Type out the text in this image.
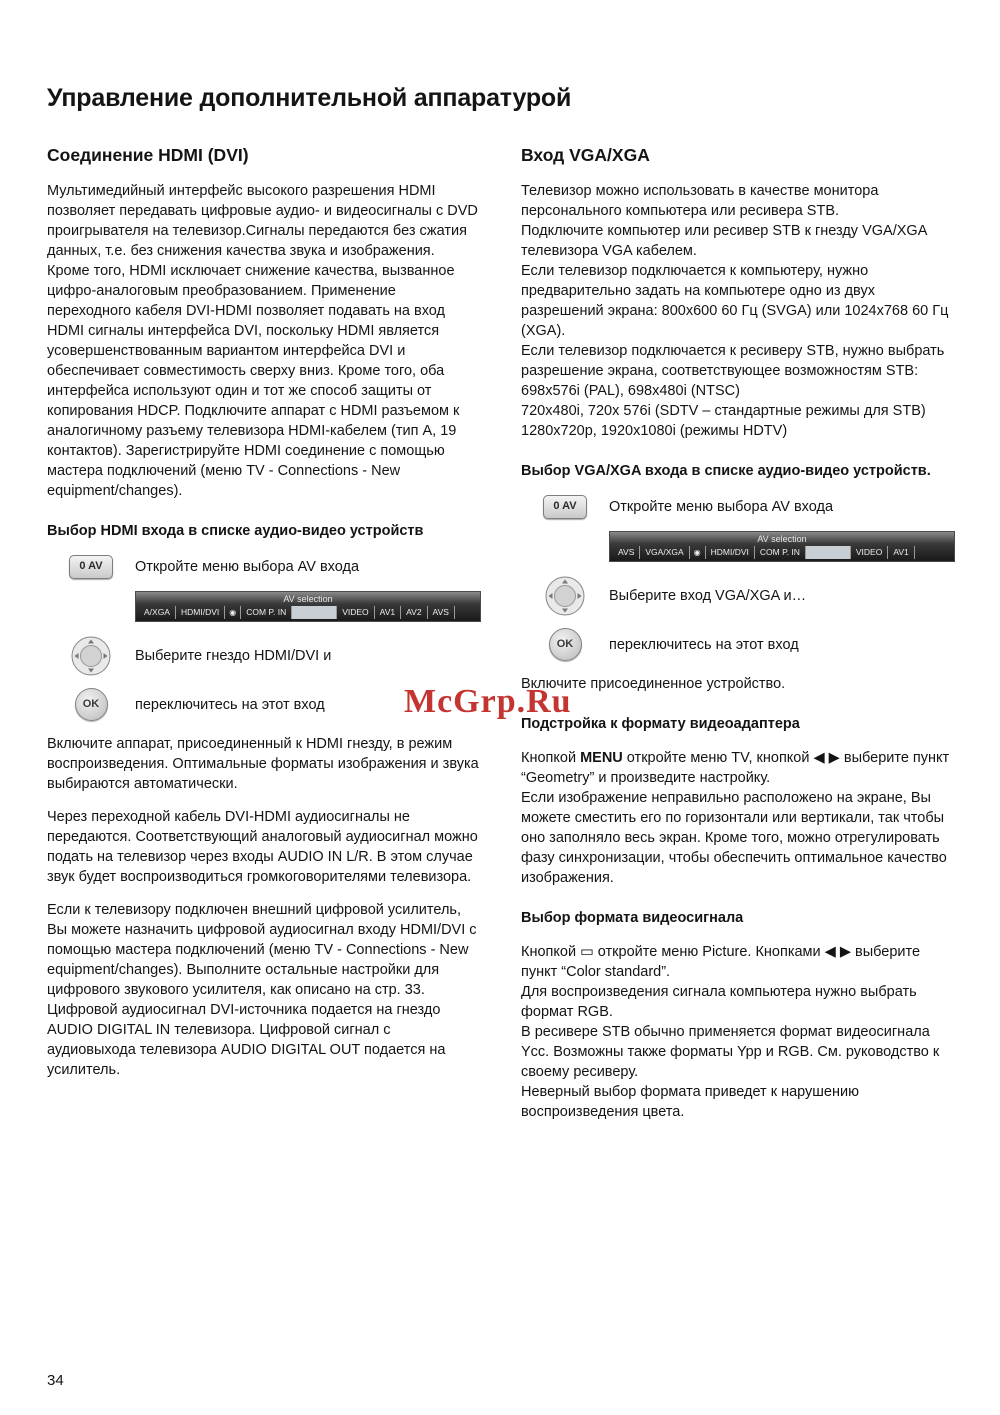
Управление дополнительной аппаратурой
Соединение HDMI (DVI)

Мультимедийный интерфейс высокого разрешения HDMI позволяет передавать цифровые аудио- и видеосигналы с DVD проигрывателя на телевизор.Сигналы передаются без сжатия данных, т.е. без снижения качества звука и изображения. Кроме того, HDMI исключает снижение качества, вызванное цифро-аналоговым преобразованием. Применение переходного кабеля DVI-HDMI позволяет подавать на вход HDMI сигналы интерфейса DVI, поскольку HDMI является усовершенствованным вариантом интерфейса DVI и обеспечивает совместимость сверху вниз. Кроме того, оба интерфейса используют один и тот же способ защиты от копирования HDCP. Подключите аппарат с HDMI разъемом к аналогичному разъему телевизора HDMI-кабелем (тип A, 19 контактов). Зарегистрируйте HDMI соединение с помощью мастера подключений (меню TV - Connections - New equipment/changes).

Выбор HDMI входа в списке аудио-видео устройств
0 AV	Откройте меню выбора AV входа
AV selection
A/XGA	HDMI/DVI	◉	COM P. IN	VIDEO	AV1	AV2	AVS
Выберите гнездо HDMI/DVI и
OK	переключитесь на этот вход

Включите аппарат, присоединенный к HDMI гнезду, в режим воспроизведения. Оптимальные форматы изображения и звука выбираются автоматически.

Через переходной кабель DVI-HDMI аудиосигналы не передаются. Соответствующий аналоговый аудиосигнал можно подать на телевизор через входы AUDIO IN L/R. В этом случае звук будет воспроизводиться громкоговорителями телевизора.

Если к телевизору подключен внешний цифровой усилитель, Вы можете назначить цифровой аудиосигнал входу HDMI/DVI с помощью мастера подключений (меню TV - Connections - New equipment/changes). Выполните остальные настройки для цифрового звукового усилителя, как описано на стр. 33. Цифровой аудиосигнал DVI-источника подается на гнездо AUDIO DIGITAL IN телевизора. Цифровой сигнал с аудиовыхода телевизора AUDIO DIGITAL OUT подается на усилитель.

Вход VGA/XGA
Телевизор можно использовать в качестве монитора персонального компьютера или ресивера STB.
Подключите компьютер или ресивер STB к гнезду VGA/XGA телевизора VGA кабелем.
Если телевизор подключается к компьютеру, нужно предварительно задать на компьютере одно из двух разрешений экрана: 800x600 60 Гц (SVGA) или 1024x768 60 Гц (XGA).
Если телевизор подключается к ресиверу STB, нужно выбрать разрешение экрана, соответствующее возможностям STB:
698x576i (PAL), 698x480i (NTSC)
720x480i, 720x 576i (SDTV – стандартные режимы для STB)
1280x720p, 1920x1080i (режимы HDTV)
Выбор VGA/XGA входа в списке аудио-видео устройств.
0 AV	Откройте меню выбора AV входа
AV selection
AVS	VGA/XGA	◉	HDMI/DVI	COM P. IN	VIDEO	AV1
Выберите вход VGA/XGA и…
OK	переключитесь на этот вход

Включите присоединенное устройство.

Подстройка к формату видеоадаптера

Кнопкой MENU откройте меню TV, кнопкой ◀ ▶ выберите пункт “Geometry” и произведите настройку.

Если изображение неправильно расположено на экране, Вы можете сместить его по горизонтали или вертикали, так чтобы оно заполняло весь экран. Кроме того, можно отрегулировать фазу синхронизации, чтобы обеспечить оптимальное качество изображения.
Выбор формата видеосигнала
Кнопкой ▭ откройте меню Picture. Кнопками ◀ ▶ выберите пункт “Color standard”.
Для воспроизведения сигнала компьютера нужно выбрать формат RGB.
В ресивере STB обычно применяется формат видеосигнала Ycc. Возможны также форматы Ypp и RGB. См. руководство к своему ресиверу.
Неверный выбор формата приведет к нарушению воспроизведения цвета.
McGrp.Ru
34
